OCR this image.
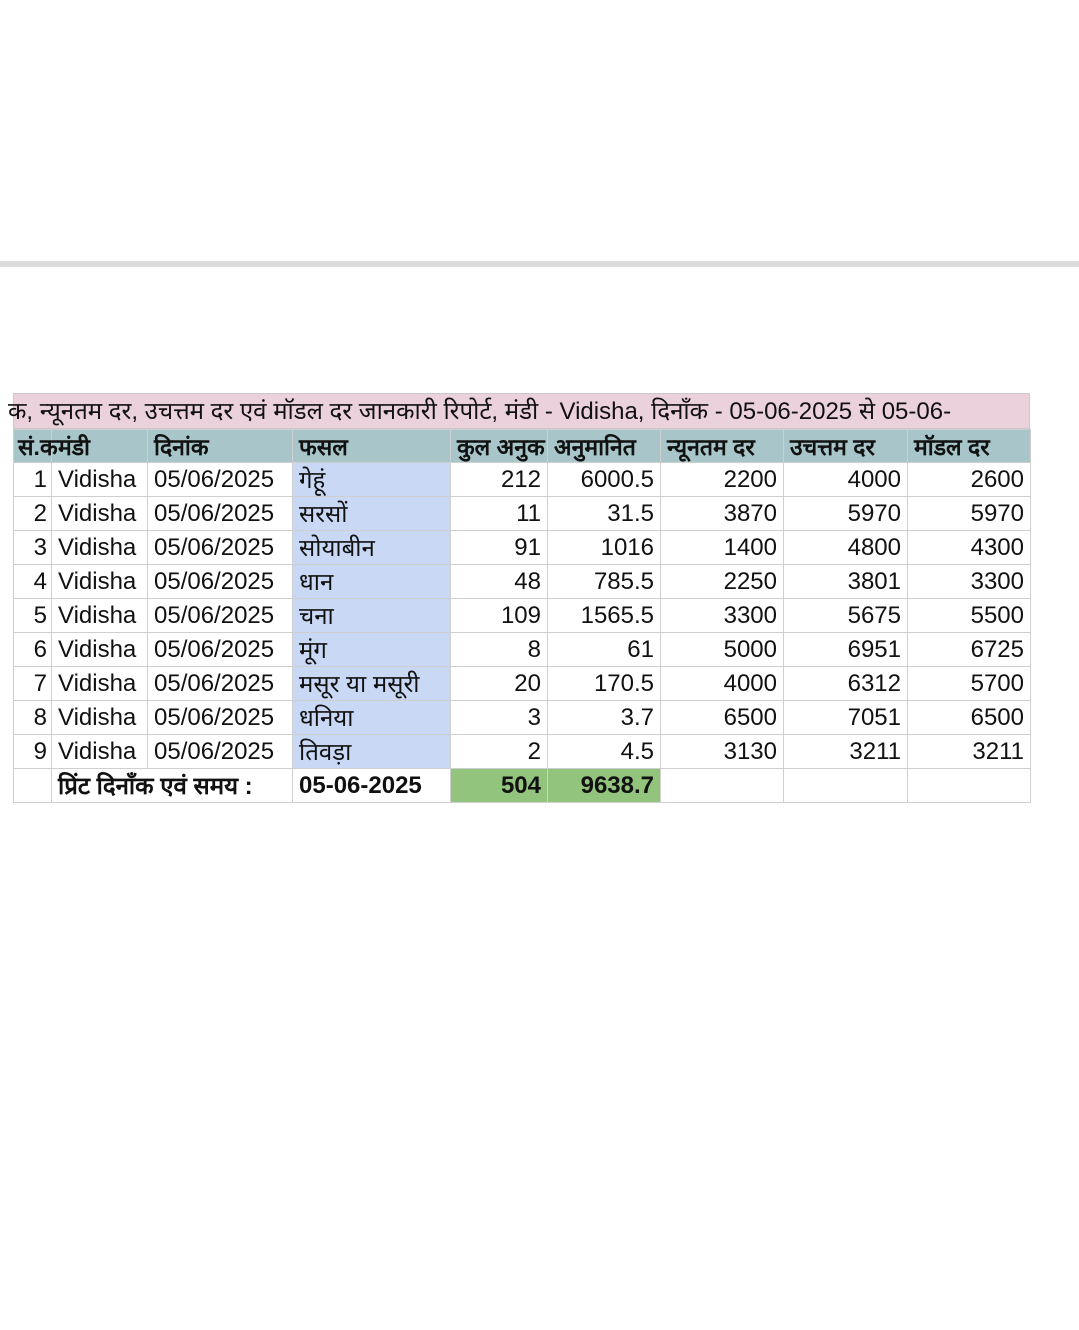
क, न्यूनतम दर, उचत्तम दर एवं मॉडल दर जानकारी रिपोर्ट, मंडी - Vidisha, दिनाँक - 05-06-2025 से 05-06-
सं.क	मंडी	दिनांक	फसल	कुल अनुक	अनुमानित	न्यूनतम दर	उचत्तम दर	मॉडल दर
1	Vidisha	05/06/2025	गेहूं	212	6000.5	2200	4000	2600
2	Vidisha	05/06/2025	सरसों	11	31.5	3870	5970	5970
3	Vidisha	05/06/2025	सोयाबीन	91	1016	1400	4800	4300
4	Vidisha	05/06/2025	धान	48	785.5	2250	3801	3300
5	Vidisha	05/06/2025	चना	109	1565.5	3300	5675	5500
6	Vidisha	05/06/2025	मूंग	8	61	5000	6951	6725
7	Vidisha	05/06/2025	मसूर या मसूरी	20	170.5	4000	6312	5700
8	Vidisha	05/06/2025	धनिया	3	3.7	6500	7051	6500
9	Vidisha	05/06/2025	तिवड़ा	2	4.5	3130	3211	3211
	प्रिंट दिनाँक एवं समय :		05-06-2025	504	9638.7			
